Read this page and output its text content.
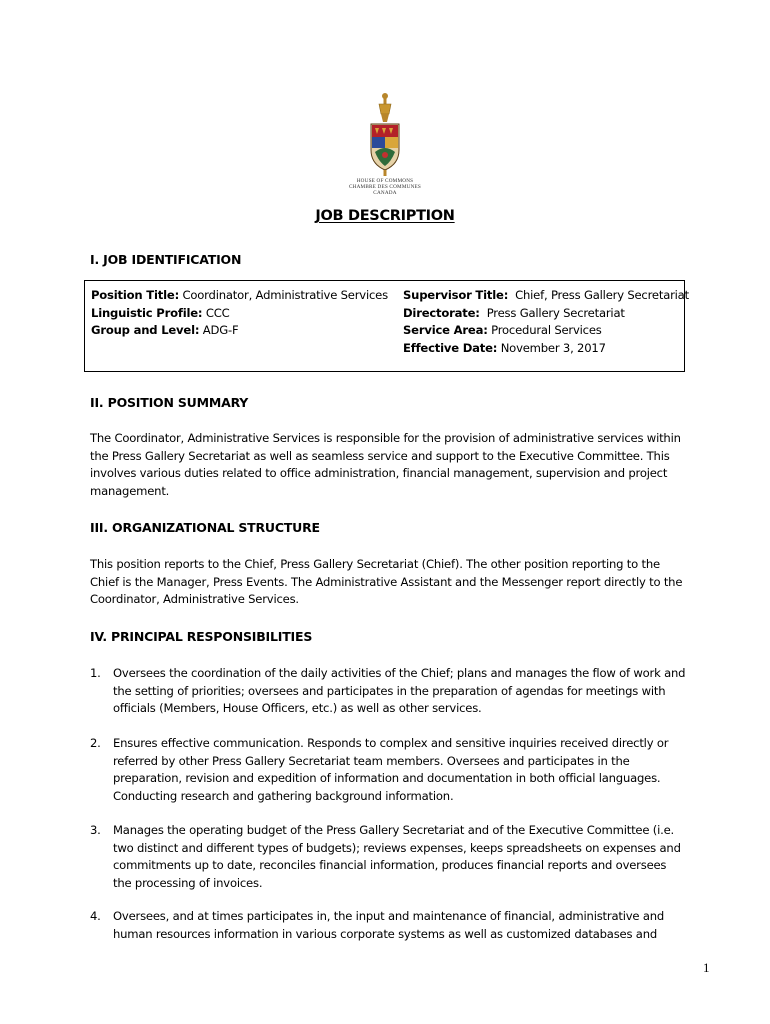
HOUSE OF COMMONS
CHAMBRE DES COMMUNES
CANADA
JOB DESCRIPTION
I. JOB IDENTIFICATION
Position Title: Coordinator, Administrative Services
Linguistic Profile: CCC
Group and Level: ADG-F
Supervisor Title:  Chief, Press Gallery Secretariat
Directorate:  Press Gallery Secretariat
Service Area: Procedural Services
Effective Date: November 3, 2017
II. POSITION SUMMARY
The Coordinator, Administrative Services is responsible for the provision of administrative services within the Press Gallery Secretariat as well as seamless service and support to the Executive Committee. This involves various duties related to office administration, financial management, supervision and project management.
III. ORGANIZATIONAL STRUCTURE
This position reports to the Chief, Press Gallery Secretariat (Chief). The other position reporting to the Chief is the Manager, Press Events. The Administrative Assistant and the Messenger report directly to the Coordinator, Administrative Services.
IV. PRINCIPAL RESPONSIBILITIES
1. Oversees the coordination of the daily activities of the Chief; plans and manages the flow of work and the setting of priorities; oversees and participates in the preparation of agendas for meetings with officials (Members, House Officers, etc.) as well as other services.
2. Ensures effective communication. Responds to complex and sensitive inquiries received directly or referred by other Press Gallery Secretariat team members. Oversees and participates in the preparation, revision and expedition of information and documentation in both official languages. Conducting research and gathering background information.
3. Manages the operating budget of the Press Gallery Secretariat and of the Executive Committee (i.e. two distinct and different types of budgets); reviews expenses, keeps spreadsheets on expenses and commitments up to date, reconciles financial information, produces financial reports and oversees the processing of invoices.
4. Oversees, and at times participates in, the input and maintenance of financial, administrative and human resources information in various corporate systems as well as customized databases and
1
